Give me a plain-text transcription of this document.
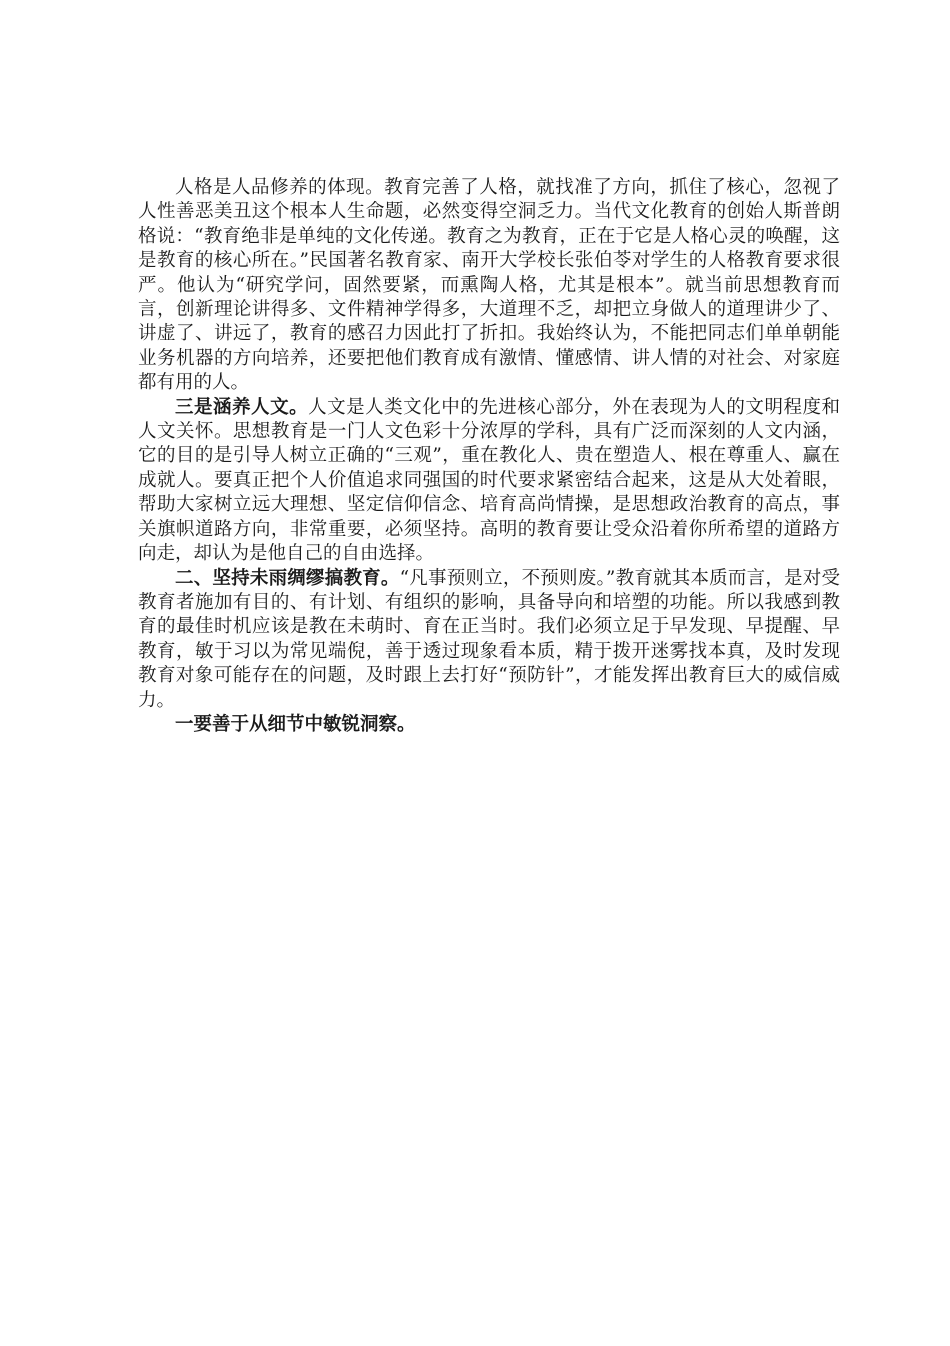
人格是人品修养的体现。教育完善了人格，就找准了方向，抓住了核心，忽视了人性善恶美丑这个根本人生命题，必然变得空洞乏力。当代文化教育的创始人斯普朗格说：“教育绝非是单纯的文化传递。教育之为教育，正在于它是人格心灵的唤醒，这是教育的核心所在。”民国著名教育家、南开大学校长张伯苓对学生的人格教育要求很严。他认为“研究学问，固然要紧，而熏陶人格，尤其是根本”。就当前思想教育而言，创新理论讲得多、文件精神学得多，大道理不乏，却把立身做人的道理讲少了、讲虚了、讲远了，教育的感召力因此打了折扣。我始终认为，不能把同志们单单朝能业务机器的方向培养，还要把他们教育成有激情、懂感情、讲人情的对社会、对家庭都有用的人。

三是涵养人文。人文是人类文化中的先进核心部分，外在表现为人的文明程度和人文关怀。思想教育是一门人文色彩十分浓厚的学科，具有广泛而深刻的人文内涵，它的目的是引导人树立正确的“三观”，重在教化人、贵在塑造人、根在尊重人、赢在成就人。要真正把个人价值追求同强国的时代要求紧密结合起来，这是从大处着眼，帮助大家树立远大理想、坚定信仰信念、培育高尚情操，是思想政治教育的高点，事关旗帜道路方向，非常重要，必须坚持。高明的教育要让受众沿着你所希望的道路方向走，却认为是他自己的自由选择。

二、坚持未雨绸缪搞教育。“凡事预则立，不预则废。”教育就其本质而言，是对受教育者施加有目的、有计划、有组织的影响，具备导向和培塑的功能。所以我感到教育的最佳时机应该是教在未萌时、育在正当时。我们必须立足于早发现、早提醒、早教育，敏于习以为常见端倪，善于透过现象看本质，精于拨开迷雾找本真，及时发现教育对象可能存在的问题，及时跟上去打好“预防针”，才能发挥出教育巨大的威信威力。

一要善于从细节中敏锐洞察。
